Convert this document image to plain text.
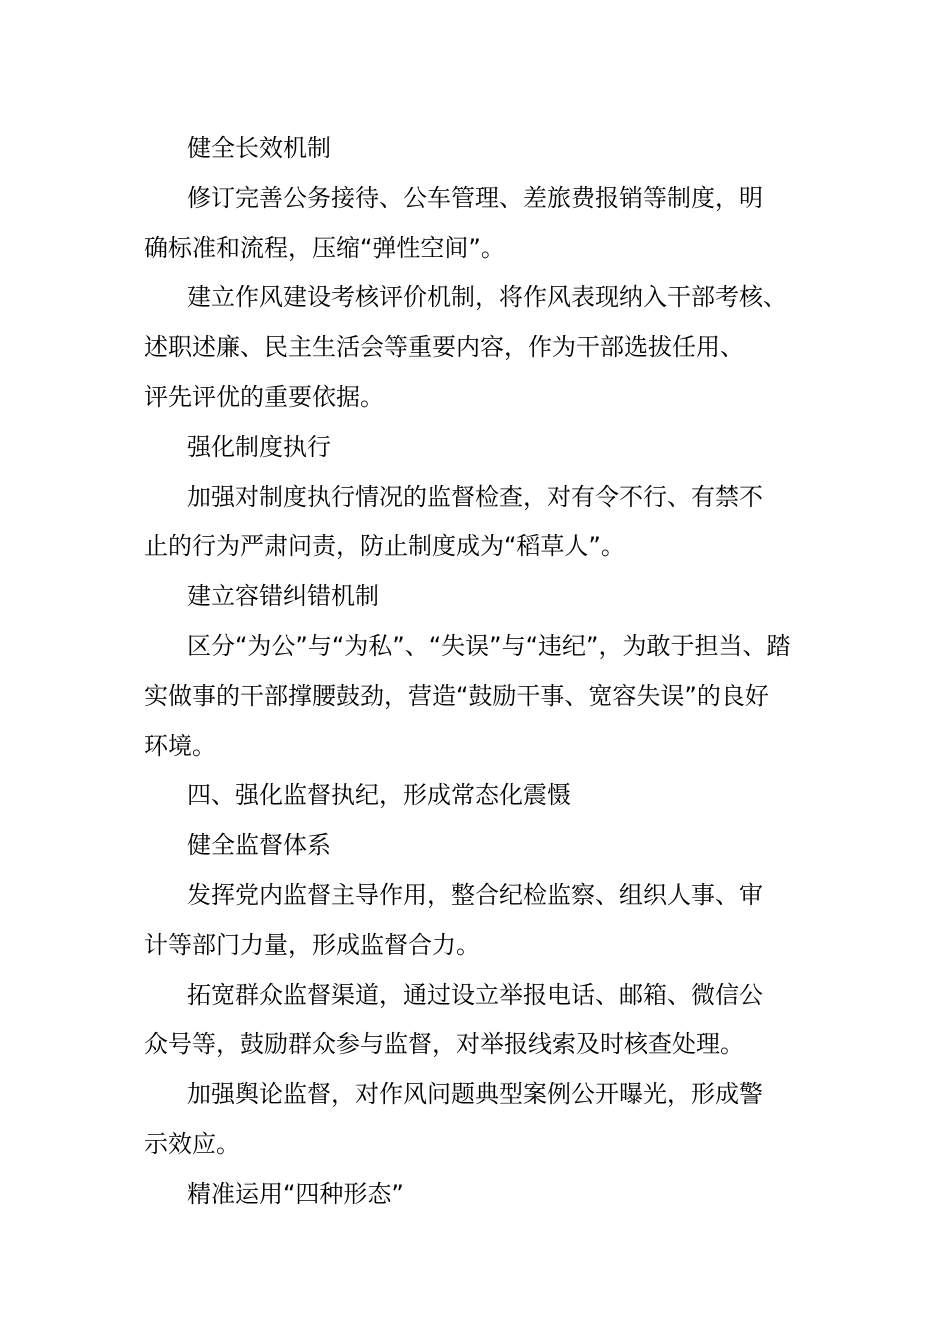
健全长效机制

修订完善公务接待、公车管理、差旅费报销等制度，明
确标准和流程，压缩“弹性空间”。

建立作风建设考核评价机制，将作风表现纳入干部考核、
述职述廉、民主生活会等重要内容，作为干部选拔任用、
评先评优的重要依据。

强化制度执行

加强对制度执行情况的监督检查，对有令不行、有禁不
止的行为严肃问责，防止制度成为“稻草人”。

建立容错纠错机制

区分“为公”与“为私”、“失误”与“违纪”，为敢于担当、踏
实做事的干部撑腰鼓劲，营造“鼓励干事、宽容失误”的良好
环境。

四、强化监督执纪，形成常态化震慑

健全监督体系

发挥党内监督主导作用，整合纪检监察、组织人事、审
计等部门力量，形成监督合力。

拓宽群众监督渠道，通过设立举报电话、邮箱、微信公
众号等，鼓励群众参与监督，对举报线索及时核查处理。

加强舆论监督，对作风问题典型案例公开曝光，形成警
示效应。

精准运用“四种形态”
